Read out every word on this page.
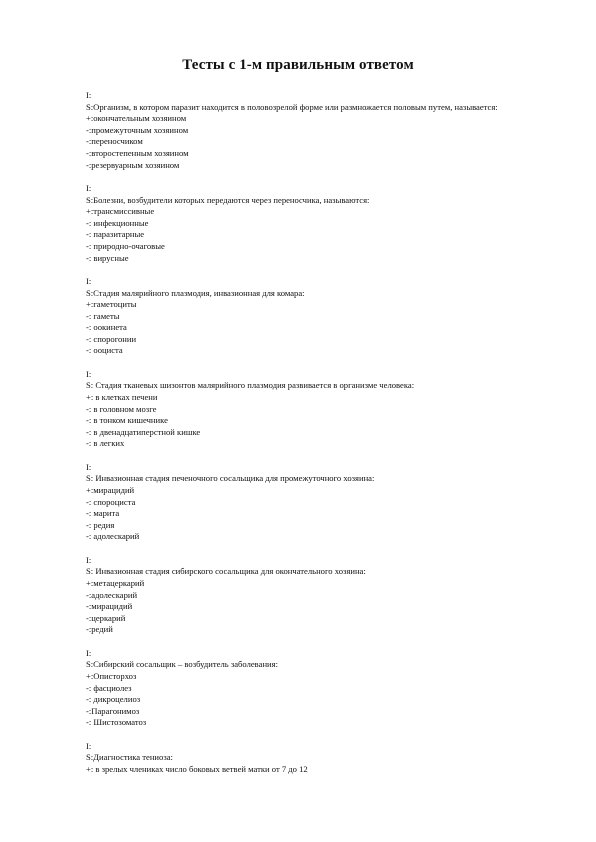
Тесты с 1-м правильным ответом
I:
S:Организм, в котором паразит находится в половозрелой форме или размножается половым путем, называется:
+:окончательным хозяином
-:промежуточным хозяином
-:переносчиком
-:второстепенным хозяином
-:резервуарным хозяином
I:
S:Болезни, возбудители которых передаются через переносчика, называются:
+:трансмиссивные
-: инфекционные
-: паразитарные
-: природно-очаговые
-: вирусные
I:
S:Стадия малярийного плазмодия, инвазионная для комара:
+:гаметоциты
-: гаметы
-: оокинета
-: спорогонии
-: ооциста
I:
S: Стадия тканевых шизонтов малярийного плазмодия развивается в организме человека:
+: в клетках печени
-: в головном мозге
-: в тонком кишечнике
-: в двенадцатиперстной кишке
-: в легких
I:
S: Инвазионная стадия печеночного сосальщика для промежуточного хозяина:
+:мирацидий
-: спороциста
-: марита
-: редия
-: адолескарий
I:
S: Инвазионная стадия сибирского сосальщика для окончательного хозяина:
+:метацеркарий
-:адолескарий
-:мирацидий
-:церкарий
-:редий
I:
S:Сибирский сосальщик – возбудитель заболевания:
+:Описторхоз
-: фасциолез
-: дикроцелиоз
-:Парагонимоз
-: Шистозоматоз
I:
S:Диагностика тениоза:
+: в зрелых члениках число боковых ветвей матки от 7 до 12
